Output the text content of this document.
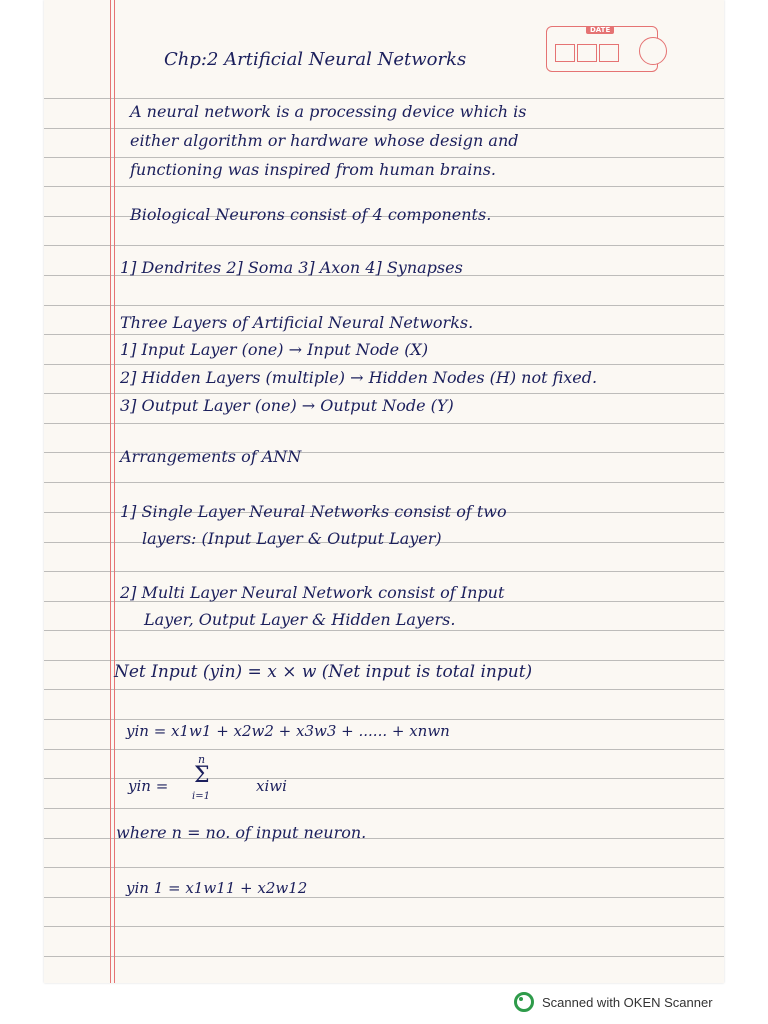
DATE
Chp:2 Artificial Neural Networks
A neural network is a processing device which is
either algorithm or hardware whose design and
functioning was inspired from human brains.
Biological Neurons consist of 4 components.
1] Dendrites 2] Soma 3] Axon 4] Synapses
Three Layers of Artificial Neural Networks.
1] Input Layer (one) → Input Node (X)
2] Hidden Layers (multiple) → Hidden Nodes (H) not fixed.
3] Output Layer (one) → Output Node (Y)
Arrangements of ANN
1] Single Layer Neural Networks consist of two
layers: (Input Layer & Output Layer)
2] Multi Layer Neural Network consist of Input
Layer, Output Layer & Hidden Layers.
Net Input (yin) = x × w (Net input is total input)
yin = x1w1 + x2w2 + x3w3 + ...... + xnwn
yin =
n
Σ
i=1
xiwi
where n = no. of input neuron.
yin 1 = x1w11 + x2w12
Scanned with OKEN Scanner
